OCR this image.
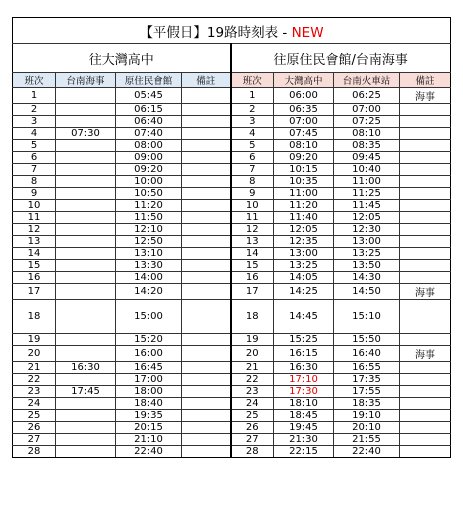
【平假日】19路時刻表 - NEW							
往大灣高中				往原住民會館/台南海事			
班次	台南海事	原住民會館	備註	班次	大灣高中	台南火車站	備註
1		05:45		1	06:00	06:25	海事
2		06:15		2	06:35	07:00	
3		06:40		3	07:00	07:25	
4	07:30	07:40		4	07:45	08:10	
5		08:00		5	08:10	08:35	
6		09:00		6	09:20	09:45	
7		09:20		7	10:15	10:40	
8		10:00		8	10:35	11:00	
9		10:50		9	11:00	11:25	
10		11:20		10	11:20	11:45	
11		11:50		11	11:40	12:05	
12		12:10		12	12:05	12:30	
13		12:50		13	12:35	13:00	
14		13:10		14	13:00	13:25	
15		13:30		15	13:25	13:50	
16		14:00		16	14:05	14:30	
17		14:20		17	14:25	14:50	海事
18		15:00		18	14:45	15:10	
19		15:20		19	15:25	15:50	
20		16:00		20	16:15	16:40	海事
21	16:30	16:45		21	16:30	16:55	
22		17:00		22	17:10	17:35	
23	17:45	18:00		23	17:30	17:55	
24		18:40		24	18:10	18:35	
25		19:35		25	18:45	19:10	
26		20:15		26	19:45	20:10	
27		21:10		27	21:30	21:55	
28		22:40		28	22:15	22:40	
